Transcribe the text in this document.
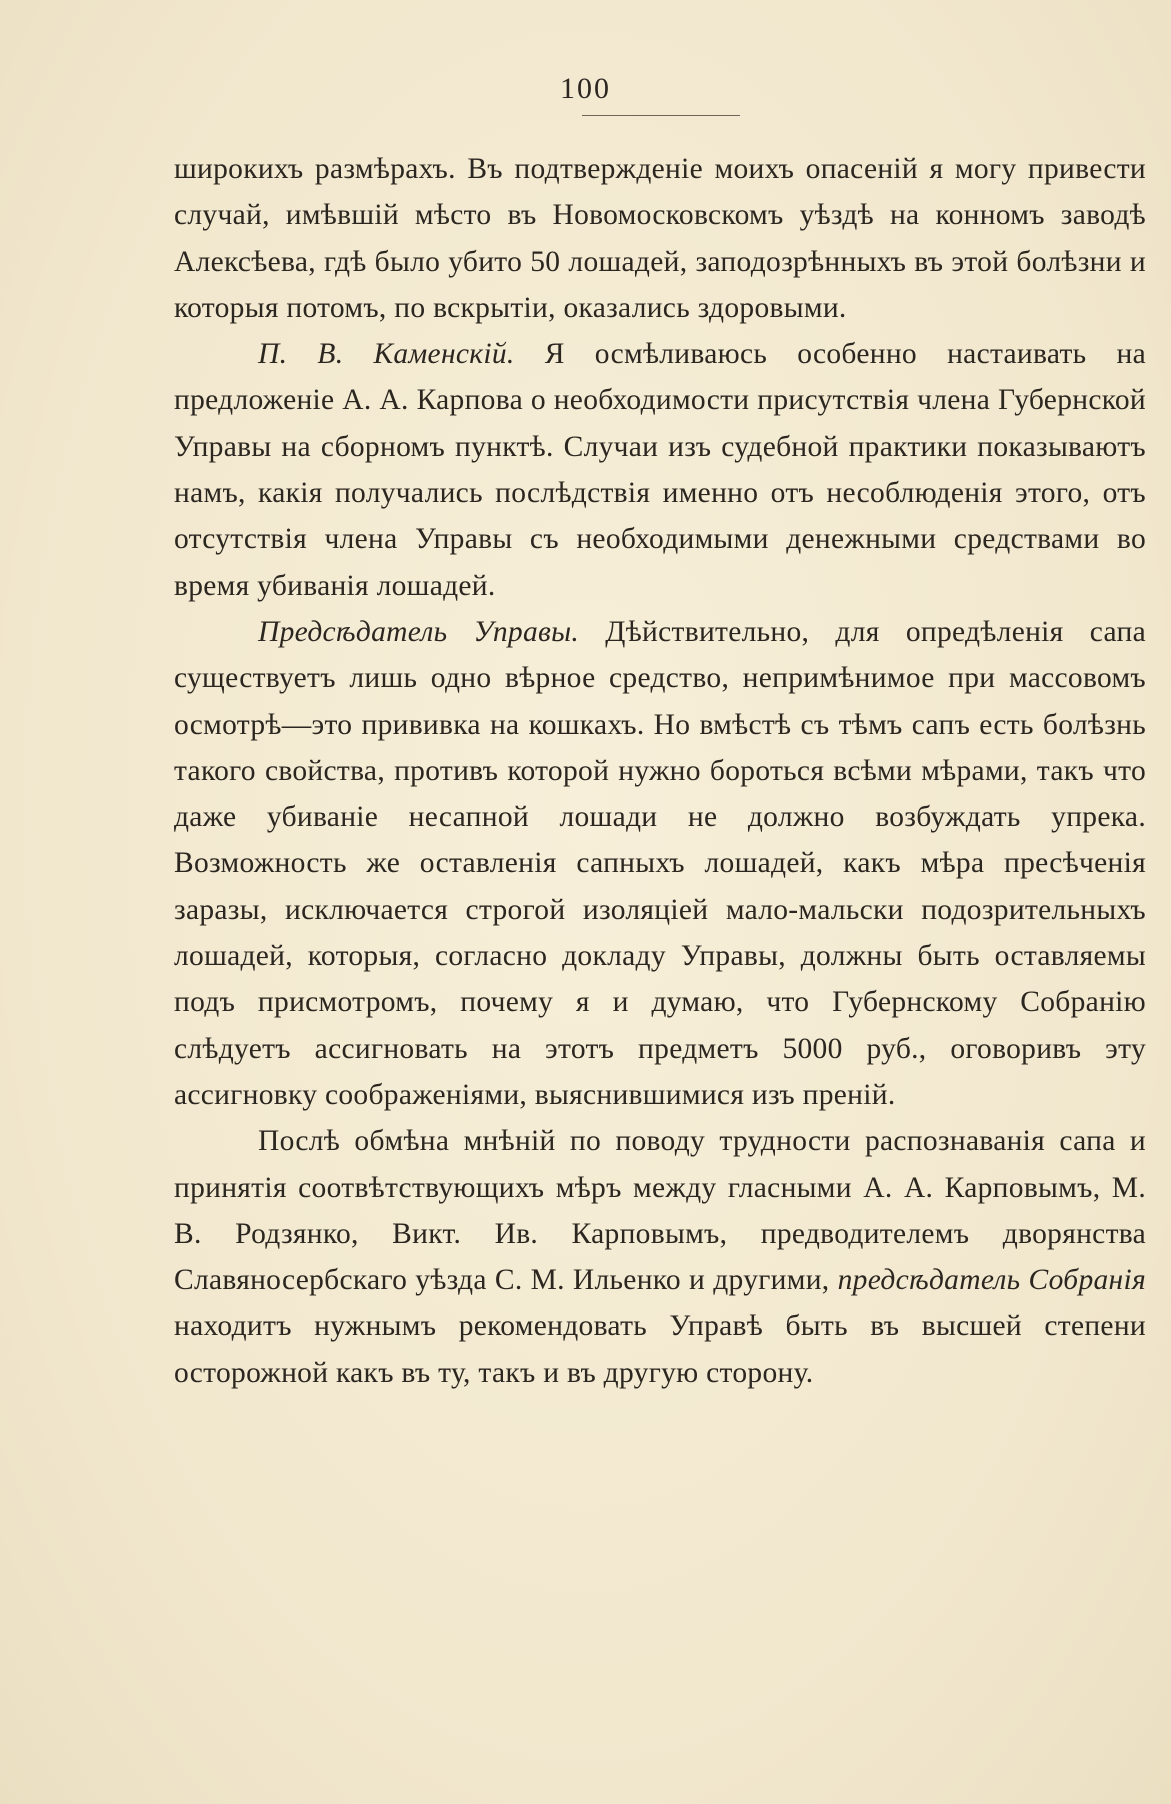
100

широкихъ размѣрахъ. Въ подтвержденіе моихъ опасеній я могу привести случай, имѣвшій мѣсто въ Новомосковскомъ уѣздѣ на конномъ заводѣ Алексѣева, гдѣ было убито 50 лошадей, заподозрѣнныхъ въ этой болѣзни и которыя потомъ, по вскрытіи, оказались здоровыми.

П. В. Каменскій. Я осмѣливаюсь особенно настаивать на предложеніе А. А. Карпова о необходимости присутствія члена Губернской Управы на сборномъ пунктѣ. Случаи изъ судебной практики показываютъ намъ, какія получались послѣдствія именно отъ несоблюденія этого, отъ отсутствія члена Управы съ необходимыми денежными средствами во время убиванія лошадей.

Предсѣдатель Управы. Дѣйствительно, для опредѣленія сапа существуетъ лишь одно вѣрное средство, непримѣнимое при массовомъ осмотрѣ—это прививка на кошкахъ. Но вмѣстѣ съ тѣмъ сапъ есть болѣзнь такого свойства, противъ которой нужно бороться всѣми мѣрами, такъ что даже убиваніе несапной лошади не должно возбуждать упрека. Возможность же оставленія сапныхъ лошадей, какъ мѣра пресѣченія заразы, исключается строгой изоляціей мало-мальски подозрительныхъ лошадей, которыя, согласно докладу Управы, должны быть оставляемы подъ присмотромъ, почему я и думаю, что Губернскому Собранію слѣдуетъ ассигновать на этотъ предметъ 5000 руб., оговоривъ эту ассигновку соображеніями, выяснившимися изъ преній.

Послѣ обмѣна мнѣній по поводу трудности распознаванія сапа и принятія соотвѣтствующихъ мѣръ между гласными А. А. Карповымъ, М. В. Родзянко, Викт. Ив. Карповымъ, предводителемъ дворянства Славяносербскаго уѣзда С. М. Ильенко и другими, предсѣдатель Собранія находитъ нужнымъ рекомендовать Управѣ быть въ высшей степени осторожной какъ въ ту, такъ и въ другую сторону.
